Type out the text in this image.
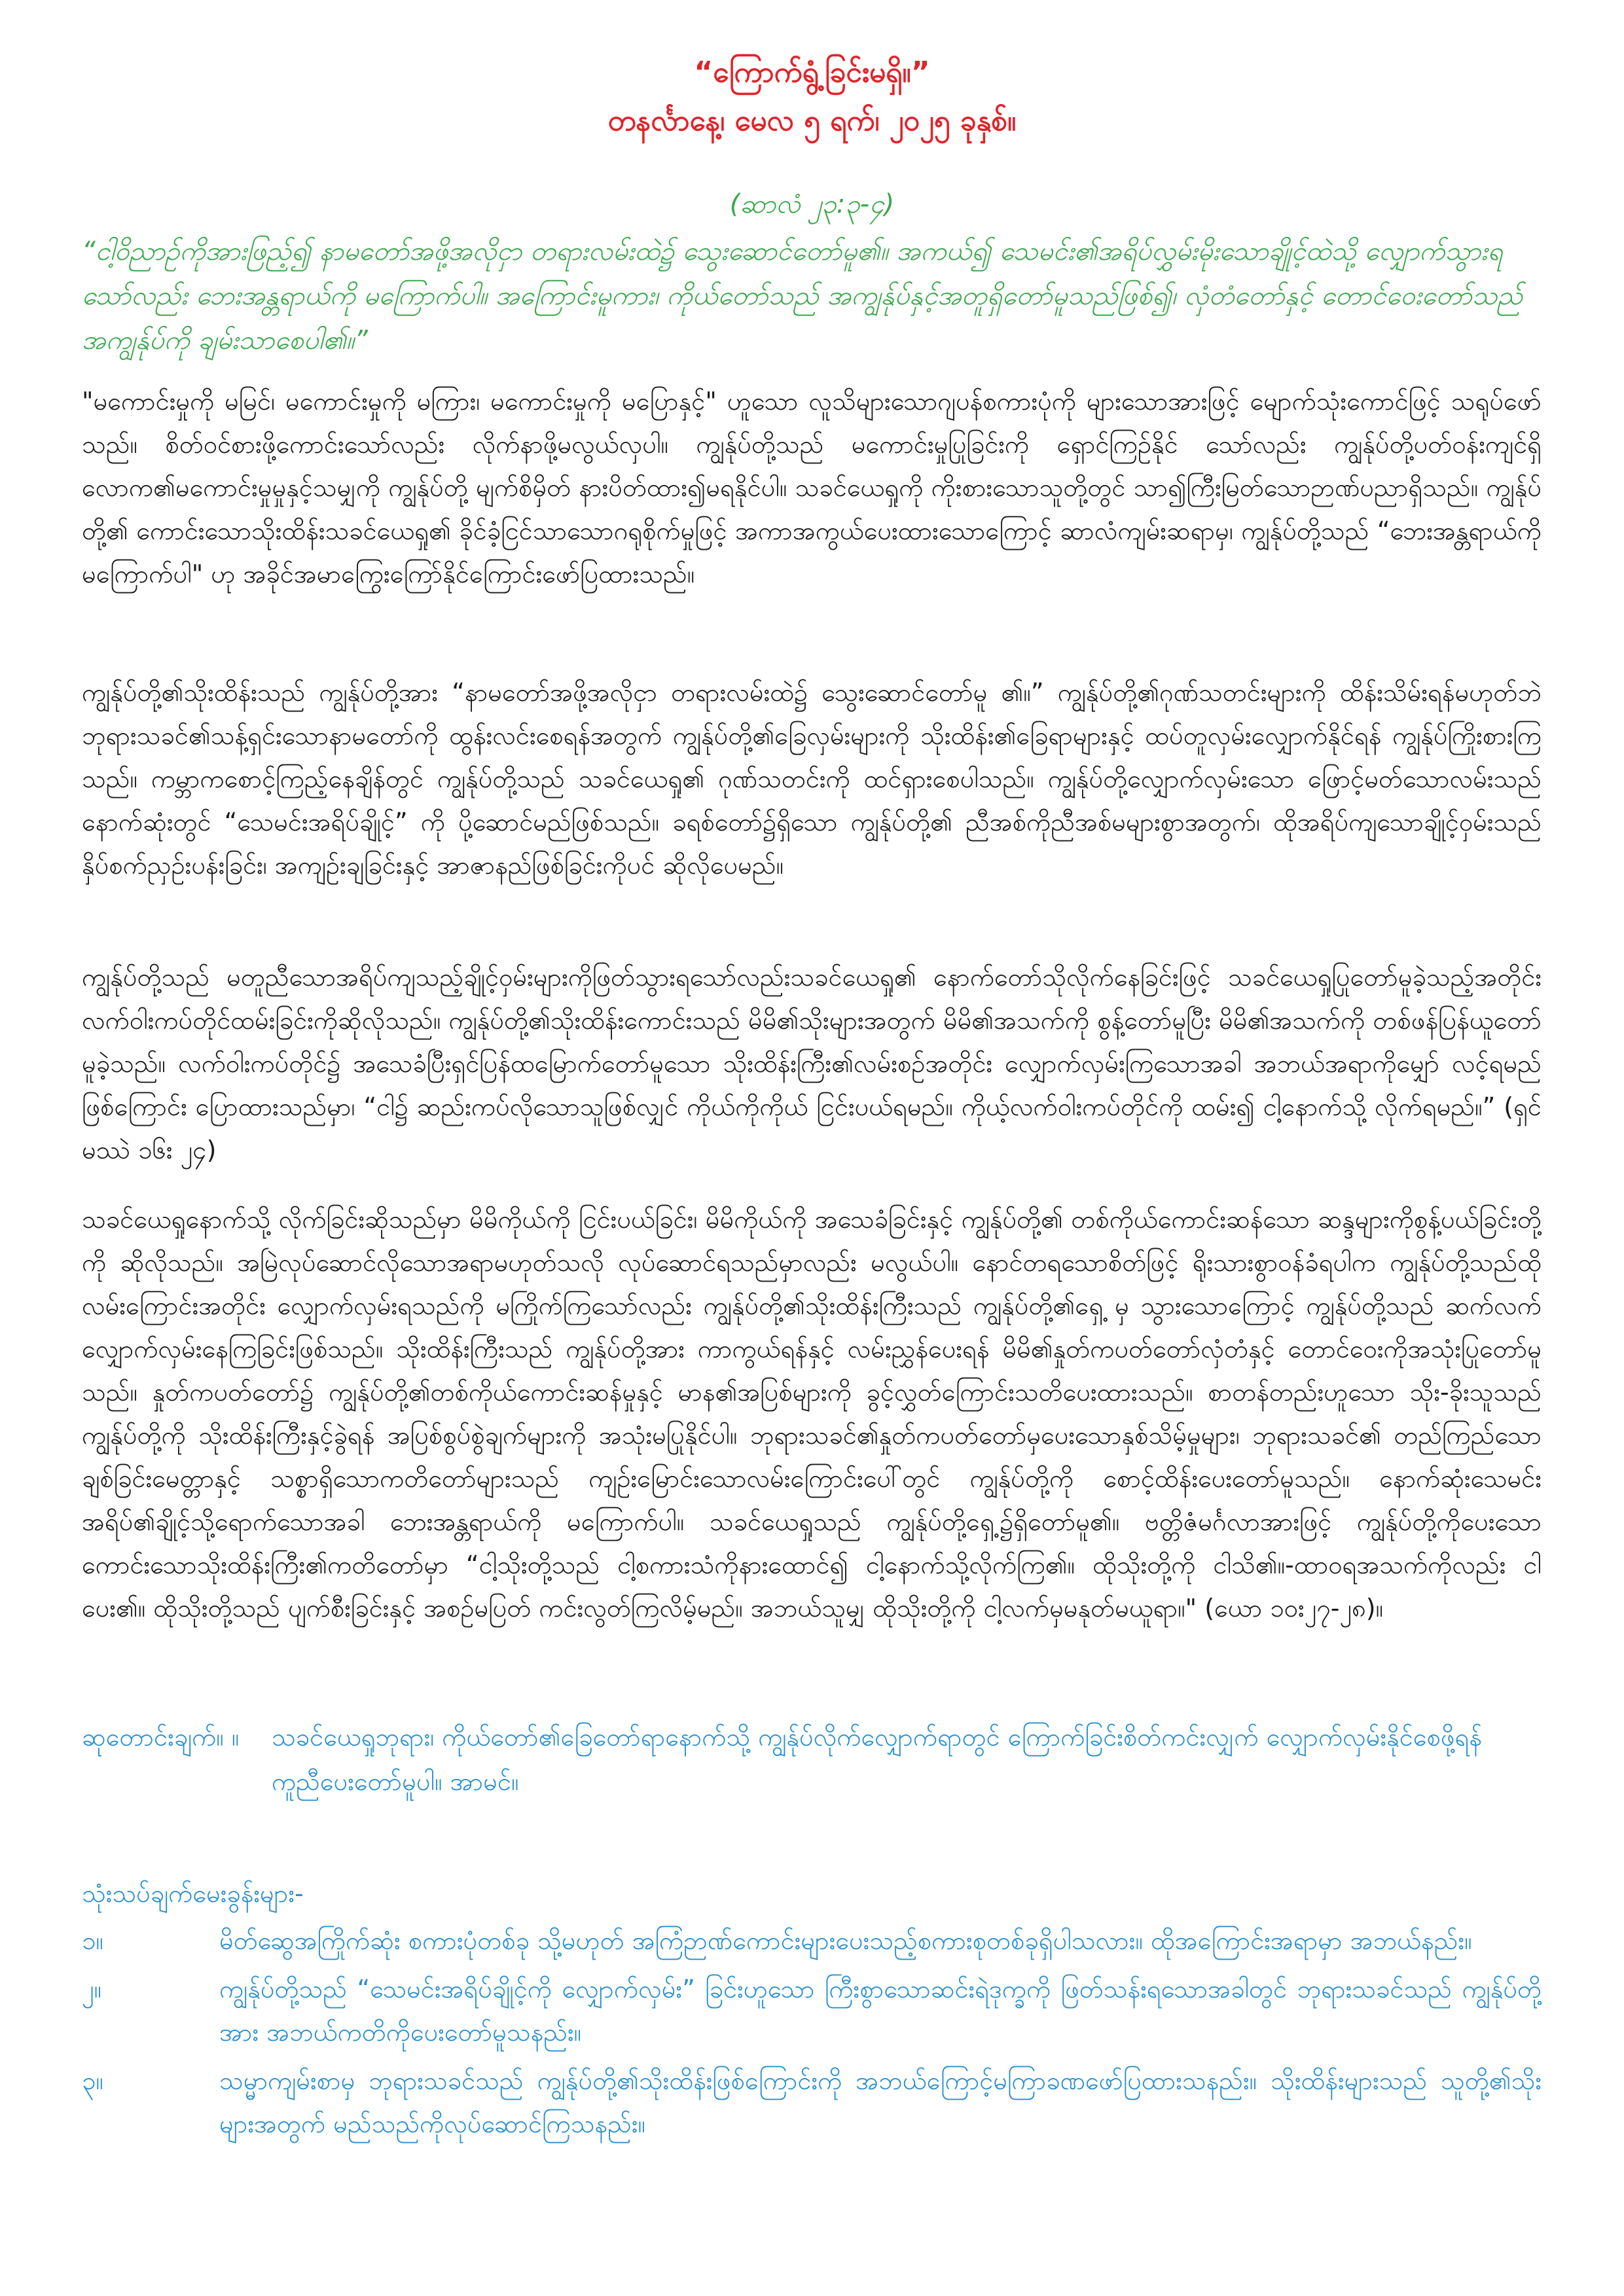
“ကြောက်ရွံ့ခြင်းမရှိ။”
တနင်္လာနေ့၊ မေလ ၅ ရက်၊ ၂၀၂၅ ခုနှစ်။
(ဆာလံ ၂၃:၃-၄)
“ငါ့ဝိညာဉ်ကိုအားဖြည့်၍ နာမတော်အဖို့အလိုငှာ တရားလမ်းထဲ၌ သွေးဆောင်တော်မူ၏။ အကယ်၍ သေမင်း၏အရိပ်လွှမ်းမိုးသောချိုင့်ထဲသို့ လျှောက်သွားရသော်လည်း ဘေးအန္တရာယ်ကို မကြောက်ပါ။ အကြောင်းမူကား၊ ကိုယ်တော်သည် အကျွန်ုပ်နှင့်အတူရှိတော်မူသည်ဖြစ်၍၊ လှံတံတော်နှင့် တောင်ဝေးတော်သည် အကျွန်ုပ်ကို ချမ်းသာစေပါ၏။”
"မကောင်းမှုကို မမြင်၊ မကောင်းမှုကို မကြား၊ မကောင်းမှုကို မပြောနှင့်" ဟူသော လူသိများသောဂျပန်စကားပုံကို များသောအားဖြင့် မျောက်သုံးကောင်ဖြင့် သရုပ်ဖော်သည်။ စိတ်ဝင်စားဖို့ကောင်းသော်လည်း လိုက်နာဖို့မလွယ်လှပါ။ ကျွန်ုပ်တို့သည် မကောင်းမှုပြုခြင်းကို ရှောင်ကြဉ်နိုင် သော်လည်း ကျွန်ုပ်တို့ပတ်ဝန်းကျင်ရှိ လောက၏မကောင်းမှုမှုနှင့်သမျှကို ကျွန်ုပ်တို့ မျက်စိမှိတ် နားပိတ်ထား၍မရနိုင်ပါ။ သခင်ယေရှုကို ကိုးစားသောသူတို့တွင် သာ၍ကြီးမြတ်သောဉာဏ်ပညာရှိသည်။ ကျွန်ုပ်တို့၏ ကောင်းသောသိုးထိန်းသခင်ယေရှု၏ ခိုင်ခံ့ငြင်သာသောဂရုစိုက်မှုဖြင့် အကာအကွယ်ပေးထားသောကြောင့် ဆာလံကျမ်းဆရာမှ၊ ကျွန်ုပ်တို့သည် “ဘေးအန္တရာယ်ကို မကြောက်ပါ" ဟု အခိုင်အမာကြွေးကြော်နိုင်ကြောင်းဖော်ပြထားသည်။
ကျွန်ုပ်တို့၏သိုးထိန်းသည် ကျွန်ုပ်တို့အား “နာမတော်အဖို့အလိုငှာ တရားလမ်းထဲ၌ သွေးဆောင်တော်မူ ၏။” ကျွန်ုပ်တို့၏ဂုဏ်သတင်းများကို ထိန်းသိမ်းရန်မဟုတ်ဘဲ ဘုရားသခင်၏သန့်ရှင်းသောနာမတော်ကို ထွန်းလင်းစေရန်အတွက် ကျွန်ုပ်တို့၏ခြေလှမ်းများကို သိုးထိန်း၏ခြေရာများနှင့် ထပ်တူလှမ်းလျှောက်နိုင်ရန် ကျွန်ုပ်ကြိုးစားကြသည်။ ကမ္ဘာကစောင့်ကြည့်နေချိန်တွင် ကျွန်ုပ်တို့သည် သခင်ယေရှု၏ ဂုဏ်သတင်းကို ထင်ရှားစေပါသည်။ ကျွန်ုပ်တို့လျှောက်လှမ်းသော ဖြောင့်မတ်သောလမ်းသည် နောက်ဆုံးတွင် “သေမင်းအရိပ်ချိုင့်” ကို ပို့ဆောင်မည်ဖြစ်သည်။ ခရစ်တော်၌ရှိသော ကျွန်ုပ်တို့၏ ညီအစ်ကိုညီအစ်မများစွာအတွက်၊ ထိုအရိပ်ကျသောချိုင့်ဝှမ်းသည် နှိပ်စက်ညှဉ်းပန်းခြင်း၊ အကျဉ်းချခြင်းနှင့် အာဇာနည်ဖြစ်ခြင်းကိုပင် ဆိုလိုပေမည်။
ကျွန်ုပ်တို့သည် မတူညီသောအရိပ်ကျသည့်ချိုင့်ဝှမ်းများကိုဖြတ်သွားရသော်လည်းသခင်ယေရှု၏ နောက်တော်သိုလိုက်နေခြင်းဖြင့် သခင်ယေရှုပြုတော်မူခဲ့သည့်အတိုင်း လက်ဝါးကပ်တိုင်ထမ်းခြင်းကိုဆိုလိုသည်။ ကျွန်ုပ်တို့၏သိုးထိန်းကောင်းသည် မိမိ၏သိုးများအတွက် မိမိ၏အသက်ကို စွန့်တော်မူပြီး မိမိ၏အသက်ကို တစ်ဖန်ပြန်ယူတော်မူခဲ့သည်။ လက်ဝါးကပ်တိုင်၌ အသေခံပြီးရှင်ပြန်ထမြောက်တော်မူသော သိုးထိန်းကြီး၏လမ်းစဉ်အတိုင်း လျှောက်လှမ်းကြသောအခါ အဘယ်အရာကိုမျှော် လင့်ရမည်ဖြစ်ကြောင်း ပြောထားသည်မှာ၊ “ငါ၌ ဆည်းကပ်လိုသောသူဖြစ်လျှင် ကိုယ်ကိုကိုယ် ငြင်းပယ်ရမည်။ ကိုယ့်လက်ဝါးကပ်တိုင်ကို ထမ်း၍ ငါ့နောက်သို့ လိုက်ရမည်။” (ရှင်မဿဲ ၁၆း ၂၄)
သခင်ယေရှုနောက်သို့ လိုက်ခြင်းဆိုသည်မှာ မိမိကိုယ်ကို ငြင်းပယ်ခြင်း၊ မိမိကိုယ်ကို အသေခံခြင်းနှင့် ကျွန်ုပ်တို့၏ တစ်ကိုယ်ကောင်းဆန်သော ဆန္ဒများကိုစွန့်ပယ်ခြင်းတို့ကို ဆိုလိုသည်။ အမြဲလုပ်ဆောင်လိုသောအရာမဟုတ်သလို လုပ်ဆောင်ရသည်မှာလည်း မလွယ်ပါ။ နောင်တရသောစိတ်ဖြင့် ရိုးသားစွာဝန်ခံရပါက ကျွန်ုပ်တို့သည်ထိုလမ်းကြောင်းအတိုင်း လျှောက်လှမ်းရသည်ကို မကြိုက်ကြသော်လည်း ကျွန်ုပ်တို့၏သိုးထိန်းကြီးသည် ကျွန်ုပ်တို့၏ရှေ့ မှ သွားသောကြောင့် ကျွန်ုပ်တို့သည် ဆက်လက်လျှောက်လှမ်းနေကြခြင်းဖြစ်သည်။ သိုးထိန်းကြီးသည် ကျွန်ုပ်တို့အား ကာကွယ်ရန်နှင့် လမ်းညွှန်ပေးရန် မိမိ၏နှုတ်ကပတ်တော်လှံတံနှင့် တောင်ဝေးကိုအသုံးပြုတော်မူသည်။ နှုတ်ကပတ်တော်၌ ကျွန်ုပ်တို့၏တစ်ကိုယ်ကောင်းဆန်မှုနှင့် မာန၏အပြစ်များကို ခွင့်လွှတ်ကြောင်းသတိပေးထားသည်။ စာတန်တည်းဟူသော သိုး-ခိုးသူသည် ကျွန်ုပ်တို့ကို သိုးထိန်းကြီးနှင့်ခွဲရန် အပြစ်စွပ်စွဲချက်များကို အသုံးမပြုနိုင်ပါ။ ဘုရားသခင်၏နှုတ်ကပတ်တော်မှပေးသောနှစ်သိမ့်မှုများ၊ ဘုရားသခင်၏ တည်ကြည်သောချစ်ခြင်းမေတ္တာနှင့် သစ္စာရှိသောကတိတော်များသည် ကျဉ်းမြောင်းသောလမ်းကြောင်းပေါ်တွင် ကျွန်ုပ်တို့ကို စောင့်ထိန်းပေးတော်မူသည်။ နောက်ဆုံးသေမင်းအရိပ်၏ချိုင့်သို့ရောက်သောအခါ ဘေးအန္တရာယ်ကို မကြောက်ပါ။ သခင်ယေရှုသည် ကျွန်ုပ်တို့ရှေ့၌ရှိတော်မူ၏။ ဗတ္တိဇံမင်္ဂလာအားဖြင့် ကျွန်ုပ်တို့ကိုပေးသော ကောင်းသောသိုးထိန်းကြီး၏ကတိတော်မှာ “ငါ့သိုးတို့သည် ငါ့စကားသံကိုနားထောင်၍ ငါ့နောက်သို့လိုက်ကြ၏။ ထိုသိုးတို့ကို ငါသိ၏။-ထာဝရအသက်ကိုလည်း ငါပေး၏။ ထိုသိုးတို့သည် ပျက်စီးခြင်းနှင့် အစဉ်မပြတ် ကင်းလွတ်ကြလိမ့်မည်။ အဘယ်သူမျှ ထိုသိုးတို့ကို ငါ့လက်မှမနုတ်မယူရာ။" (ယော ၁၀း၂၇-၂၈)။
ဆုတောင်းချက်။ ။ သခင်ယေရှုဘုရား၊ ကိုယ်တော်၏ခြေတော်ရာနောက်သို့ ကျွန်ုပ်လိုက်လျှောက်ရာတွင် ကြောက်ခြင်းစိတ်ကင်းလျှက် လျှောက်လှမ်းနိုင်စေဖို့ရန် ကူညီပေးတော်မူပါ။ အာမင်။
သုံးသပ်ချက်မေးခွန်းများ-
၁။	မိတ်ဆွေအကြိုက်ဆုံး စကားပုံတစ်ခု သို့မဟုတ် အကြံဉာဏ်ကောင်းများပေးသည့်စကားစုတစ်ခုရှိပါသလား။ ထိုအကြောင်းအရာမှာ အဘယ်နည်း။
၂။	ကျွန်ုပ်တို့သည် “သေမင်းအရိပ်ချိုင့်ကို လျှောက်လှမ်း” ခြင်းဟူသော ကြီးစွာသောဆင်းရဲဒုက္ခကို ဖြတ်သန်းရသောအခါတွင် ဘုရားသခင်သည် ကျွန်ုပ်တို့အား အဘယ်ကတိကိုပေးတော်မူသနည်း။
၃။	သမ္မာကျမ်းစာမှ ဘုရားသခင်သည် ကျွန်ုပ်တို့၏သိုးထိန်းဖြစ်ကြောင်းကို အဘယ်ကြောင့်မကြာခဏဖော်ပြထားသနည်း။ သိုးထိန်းများသည် သူတို့၏သိုးများအတွက် မည်သည်ကိုလုပ်ဆောင်ကြသနည်း။
